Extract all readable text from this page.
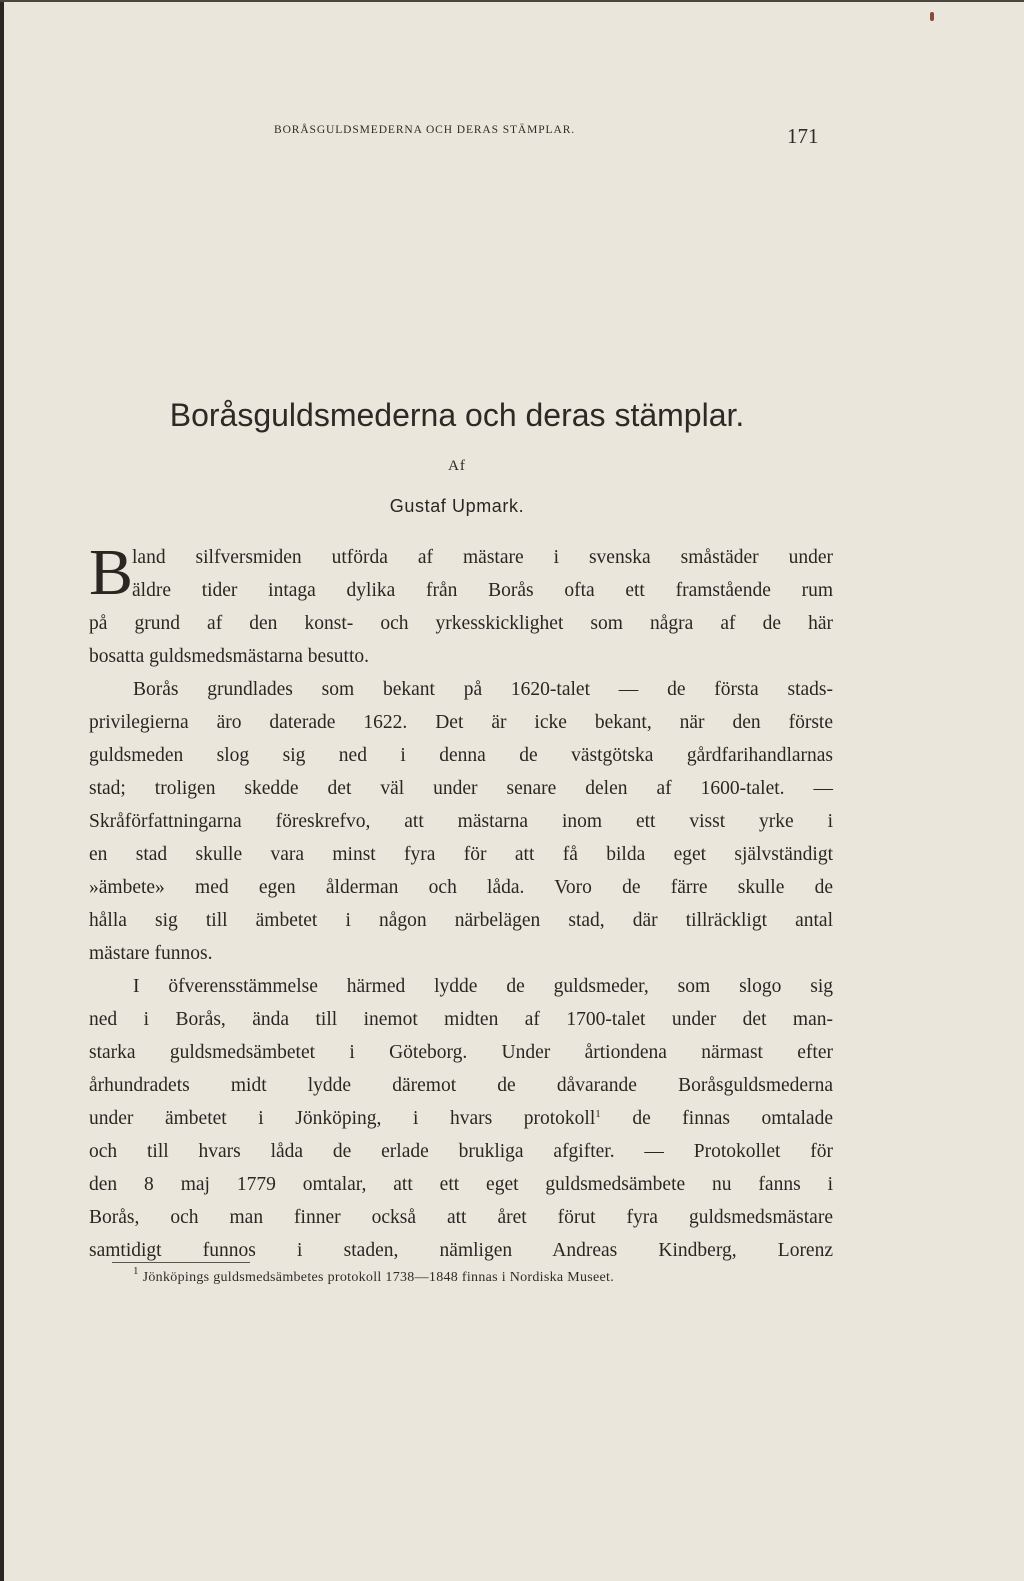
BORÅSGULDSMEDERNA OCH DERAS STÄMPLAR.	171
Boråsguldsmederna och deras stämplar.
Af
Gustaf Upmark.
B
land silfversmiden utförda af mästare i svenska småstäder under
äldre tider intaga dylika från Borås ofta ett framstående rum
på grund af den konst- och yrkesskicklighet som några af de här
bosatta guldsmedsmästarna besutto.
Borås grundlades som bekant på 1620-talet — de första stads-
privilegierna äro daterade 1622. Det är icke bekant, när den förste
guldsmeden slog sig ned i denna de västgötska gårdfarihandlarnas
stad; troligen skedde det väl under senare delen af 1600-talet. —
Skråförfattningarna föreskrefvo, att mästarna inom ett visst yrke i
en stad skulle vara minst fyra för att få bilda eget självständigt
»ämbete» med egen ålderman och låda. Voro de färre skulle de
hålla sig till ämbetet i någon närbelägen stad, där tillräckligt antal
mästare funnos.
I öfverensstämmelse härmed lydde de guldsmeder, som slogo sig
ned i Borås, ända till inemot midten af 1700-talet under det man-
starka guldsmedsämbetet i Göteborg. Under årtiondena närmast efter
århundradets midt lydde däremot de dåvarande Boråsguldsmederna
under ämbetet i Jönköping, i hvars protokoll$^1$ de finnas omtalade
och till hvars låda de erlade brukliga afgifter. — Protokollet för
den 8 maj 1779 omtalar, att ett eget guldsmedsämbete nu fanns i
Borås, och man finner också att året förut fyra guldsmedsmästare
samtidigt funnos i staden, nämligen Andreas Kindberg, Lorenz
$^1$ Jönköpings guldsmedsämbetes protokoll 1738—1848 finnas i Nordiska Museet.
